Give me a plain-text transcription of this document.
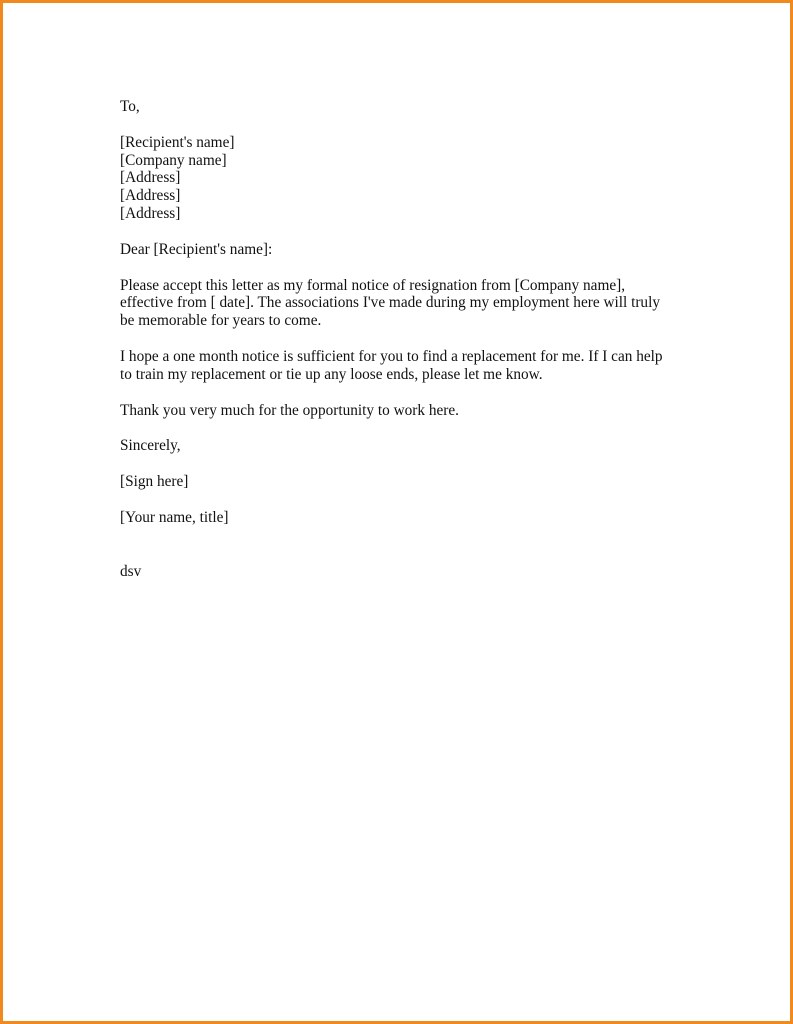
To,

[Recipient's name]
[Company name]
[Address]
[Address]
[Address]

Dear [Recipient's name]:

Please accept this letter as my formal notice of resignation from [Company name],
effective from [ date]. The associations I've made during my employment here will truly
be memorable for years to come.
I hope a one month notice is sufficient for you to find a replacement for me. If I can help
to train my replacement or tie up any loose ends, please let me know.

Thank you very much for the opportunity to work here.

Sincerely,

[Sign here]

[Your name, title]

dsv
